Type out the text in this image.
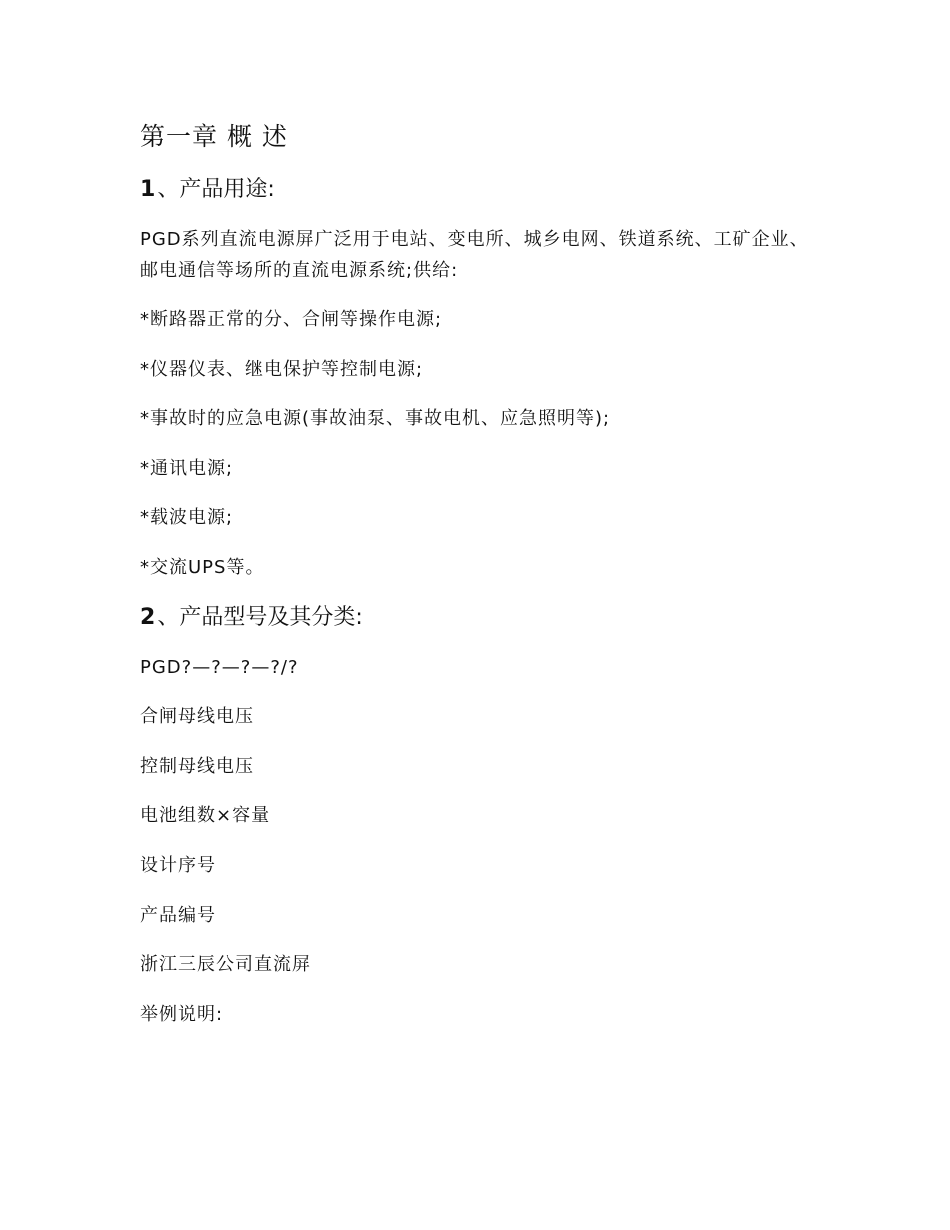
第一章 概 述
1、产品用途:

PGD系列直流电源屏广泛用于电站、变电所、城乡电网、铁道系统、工矿企业、邮电通信等场所的直流电源系统;供给:

*断路器正常的分、合闸等操作电源;
*仪器仪表、继电保护等控制电源;
*事故时的应急电源(事故油泵、事故电机、应急照明等);
*通讯电源;
*载波电源;
*交流UPS等。
2、产品型号及其分类:
PGD?—?—?—?/?
合闸母线电压
控制母线电压
电池组数×容量
设计序号
产品编号
浙江三辰公司直流屏
举例说明:
